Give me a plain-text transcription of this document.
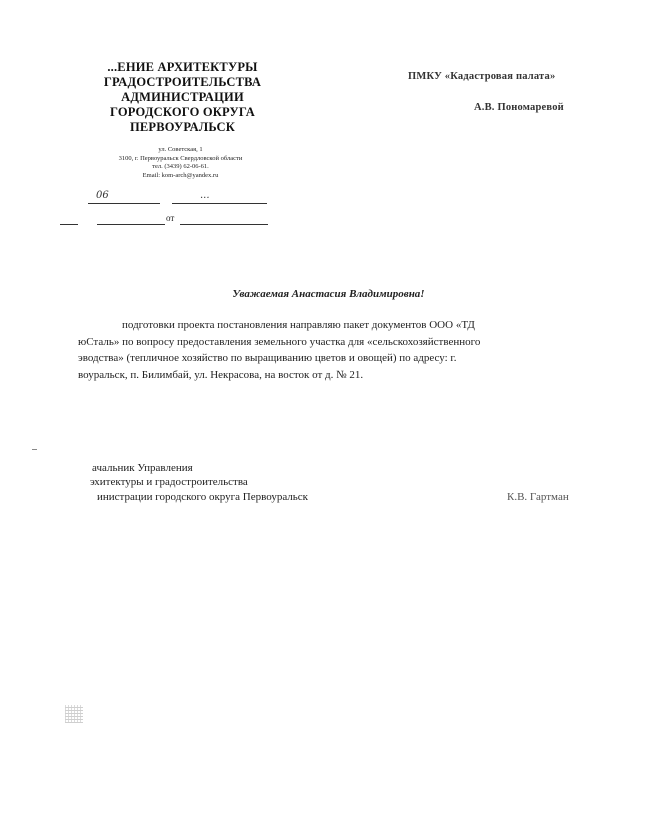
...ЕНИЕ АРХИТЕКТУРЫ
ГРАДОСТРОИТЕЛЬСТВА
АДМИНИСТРАЦИИ
ГОРОДСКОГО ОКРУГА
ПЕРВОУРАЛЬСК
ул. Советская, 1
3100, г. Первоуральск Свердловской области
тел. (3439) 62-06-61.
Email: kom-arch@yandex.ru
06	...
от
ПМКУ «Кадастровая палата»
А.В. Пономаревой
Уважаемая Анастасия Владимировна!
подготовки проекта постановления направляю пакет документов ООО «ТД
юСталь» по вопросу предоставления земельного участка для «сельскохозяйственного
эводства» (тепличное хозяйство по выращиванию цветов и овощей) по адресу: г.
воуральск, п. Билимбай, ул. Некрасова, на восток от д. № 21.
ачальник Управления
эхитектуры и градостроительства
инистрации городского округа Первоуральск	К.В. Гартман
